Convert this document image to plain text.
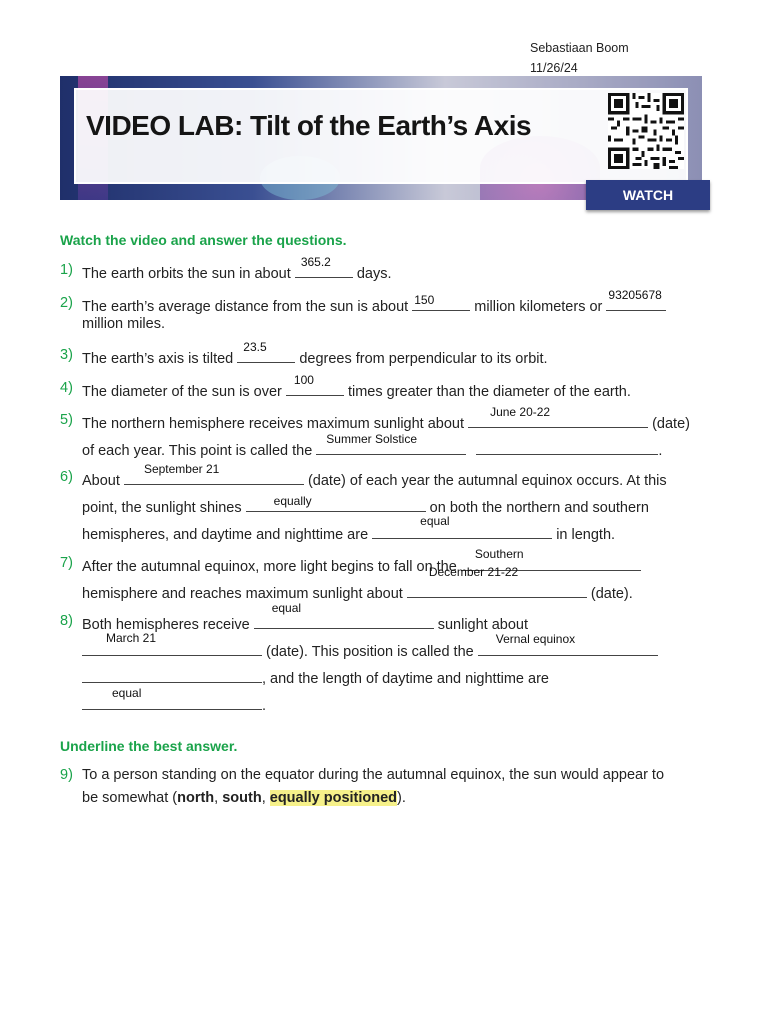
Sebastiaan Boom
11/26/24
VIDEO LAB: Tilt of the Earth’s Axis
WATCH
Watch the video and answer the questions.
1) The earth orbits the sun in about
365.2
days.
2) The earth’s average distance from the sun is about 150	million kilometers or
93205678
million miles.
3) The earth’s axis is tilted
23.5
degrees from perpendicular to its orbit.
4) The diameter of the sun is over
100
times greater than the diameter of the earth.
5) The northern hemisphere receives maximum sunlight about
June 20-22
(date)
of each year. This point is called the
Summer Solstice
.
6) About
September 21
(date) of each year the autumnal equinox occurs. At this
point, the sunlight shines	equally	on both the northern and southern
hemispheres, and daytime and nighttime are
equal
in length.
7) After the autumnal equinox, more light begins to fall on the
Southern
hemisphere and reaches maximum sunlight about
December 21-22
(date).
8) Both hemispheres receive
equal
sunlight about
March 21
(date). This position is called the
Vernal equinox
, and the length of daytime and nighttime are
equal
.
Underline the best answer.
9) To a person standing on the equator during the autumnal equinox, the sun would appear to
be somewhat (north, south, equally positioned).
